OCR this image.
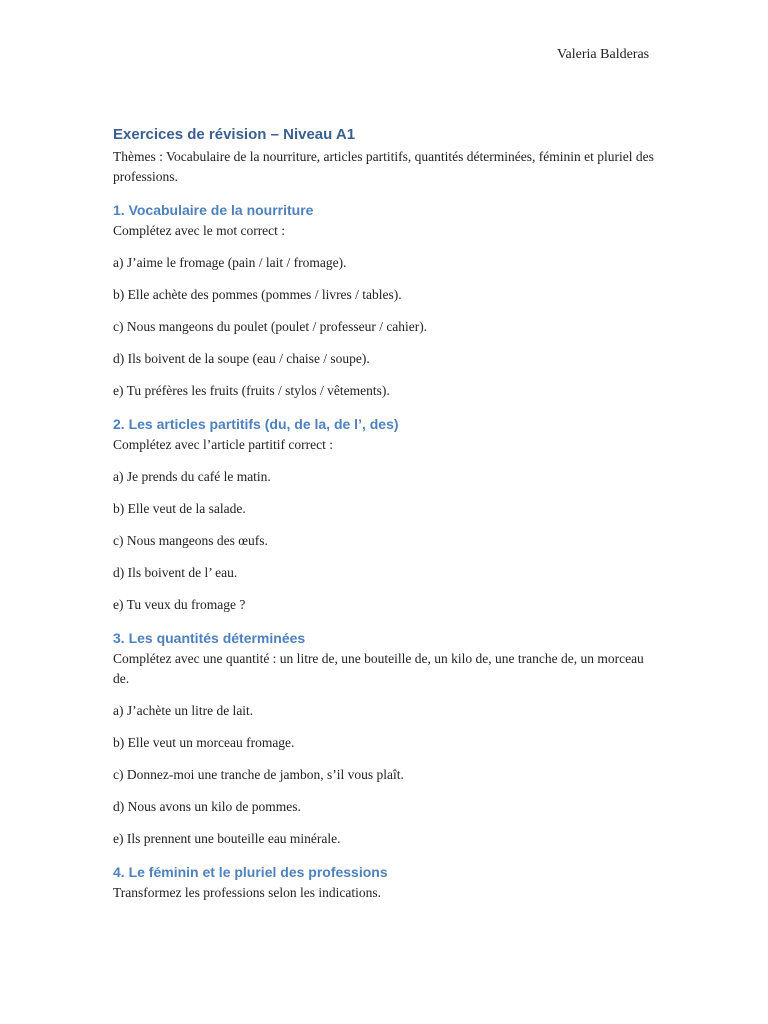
Valeria Balderas
Exercices de révision – Niveau A1

Thèmes : Vocabulaire de la nourriture, articles partitifs, quantités déterminées, féminin et pluriel des professions.

1. Vocabulaire de la nourriture

Complétez avec le mot correct :

a) J’aime le fromage (pain / lait / fromage).

b) Elle achète des pommes (pommes / livres / tables).

c) Nous mangeons du poulet (poulet / professeur / cahier).

d) Ils boivent de la soupe (eau / chaise / soupe).

e) Tu préfères les fruits (fruits / stylos / vêtements).

2. Les articles partitifs (du, de la, de l’, des)

Complétez avec l’article partitif correct :

a) Je prends du café le matin.

b) Elle veut de la salade.

c) Nous mangeons des œufs.

d) Ils boivent de l’ eau.

e) Tu veux du fromage ?

3. Les quantités déterminées

Complétez avec une quantité : un litre de, une bouteille de, un kilo de, une tranche de, un morceau de.

a) J’achète un litre de lait.

b) Elle veut un morceau fromage.

c) Donnez-moi une tranche de jambon, s’il vous plaît.

d) Nous avons un kilo de pommes.

e) Ils prennent une bouteille eau minérale.

4. Le féminin et le pluriel des professions

Transformez les professions selon les indications.
